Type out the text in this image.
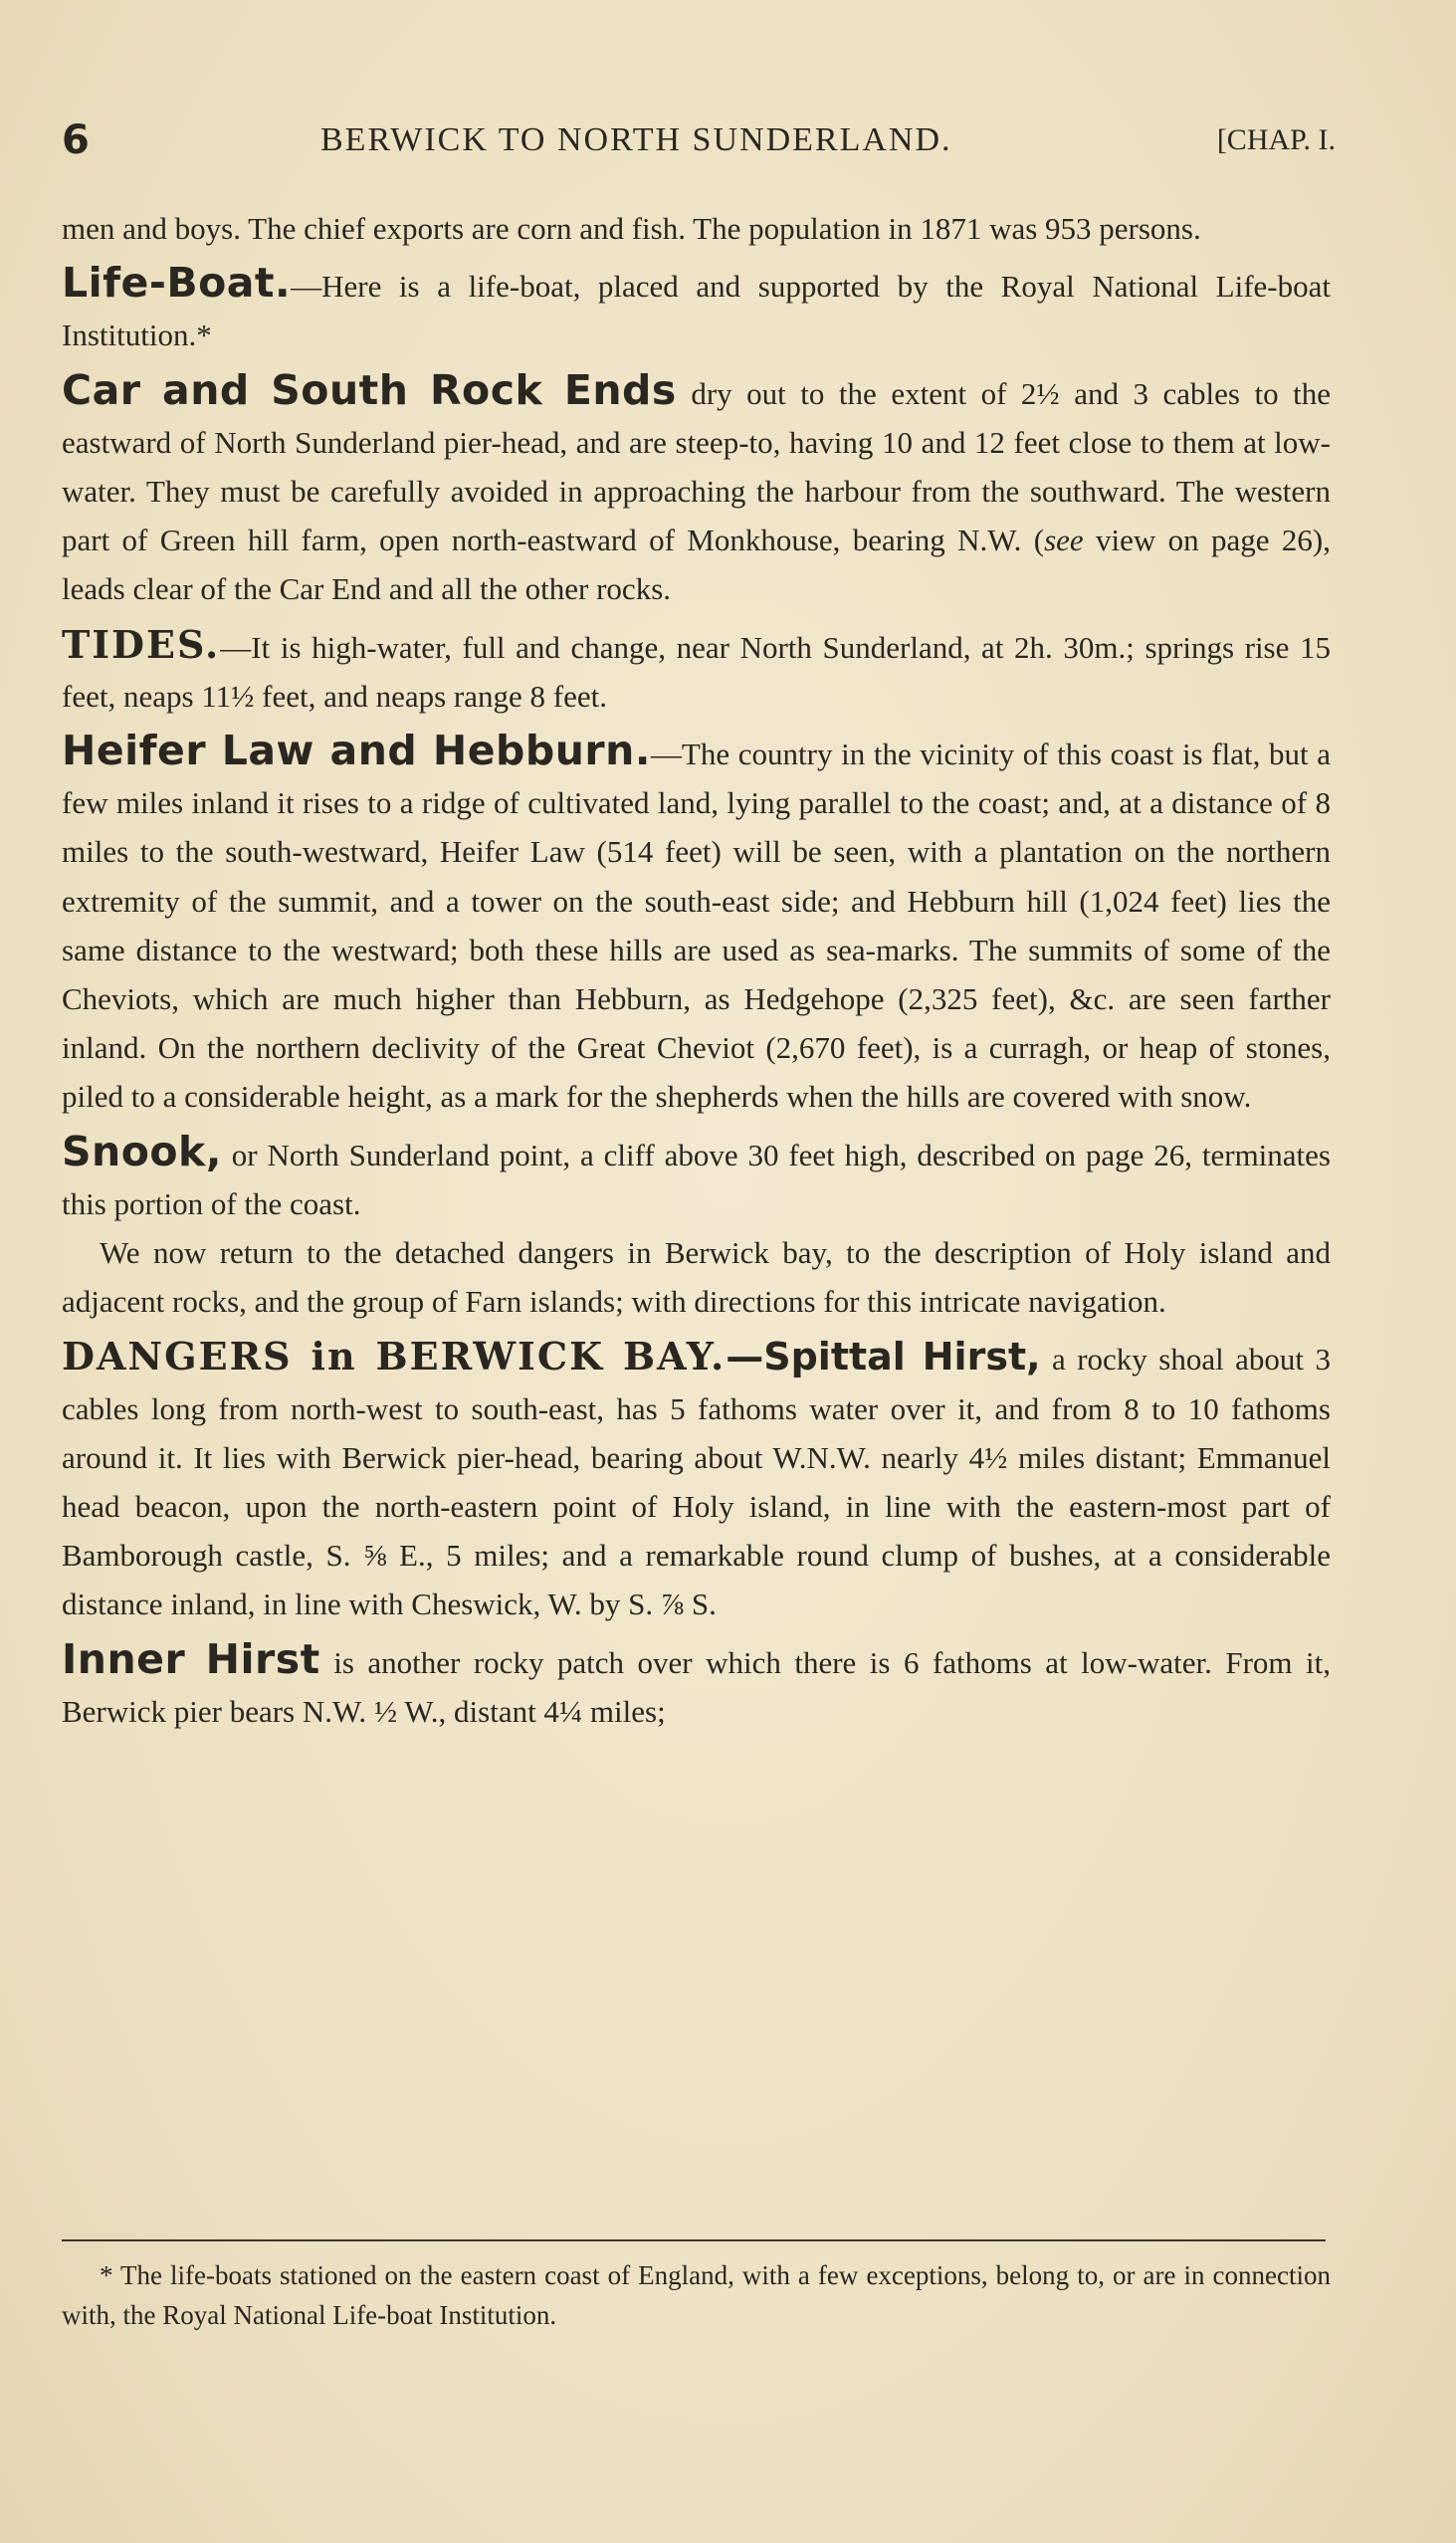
6	BERWICK TO NORTH SUNDERLAND.	[CHAP. I.

men and boys. The chief exports are corn and fish. The population in 1871 was 953 persons.

Life-Boat.—Here is a life-boat, placed and supported by the Royal National Life-boat Institution.*

Car and South Rock Ends dry out to the extent of 2½ and 3 cables to the eastward of North Sunderland pier-head, and are steep-to, having 10 and 12 feet close to them at low-water. They must be carefully avoided in approaching the harbour from the southward. The western part of Green hill farm, open north-eastward of Monkhouse, bearing N.W. (see view on page 26), leads clear of the Car End and all the other rocks.

TIDES.—It is high-water, full and change, near North Sunderland, at 2h. 30m.; springs rise 15 feet, neaps 11½ feet, and neaps range 8 feet.

Heifer Law and Hebburn.—The country in the vicinity of this coast is flat, but a few miles inland it rises to a ridge of cultivated land, lying parallel to the coast; and, at a distance of 8 miles to the south-westward, Heifer Law (514 feet) will be seen, with a plantation on the northern extremity of the summit, and a tower on the south-east side; and Hebburn hill (1,024 feet) lies the same distance to the westward; both these hills are used as sea-marks. The summits of some of the Cheviots, which are much higher than Hebburn, as Hedgehope (2,325 feet), &c. are seen farther inland. On the northern declivity of the Great Cheviot (2,670 feet), is a curragh, or heap of stones, piled to a considerable height, as a mark for the shepherds when the hills are covered with snow.

Snook, or North Sunderland point, a cliff above 30 feet high, described on page 26, terminates this portion of the coast.

We now return to the detached dangers in Berwick bay, to the description of Holy island and adjacent rocks, and the group of Farn islands; with directions for this intricate navigation.

DANGERS in BERWICK BAY.—Spittal Hirst, a rocky shoal about 3 cables long from north-west to south-east, has 5 fathoms water over it, and from 8 to 10 fathoms around it. It lies with Berwick pier-head, bearing about W.N.W. nearly 4½ miles distant; Emmanuel head beacon, upon the north-eastern point of Holy island, in line with the eastern-most part of Bamborough castle, S. ⅝ E., 5 miles; and a remarkable round clump of bushes, at a considerable distance inland, in line with Cheswick, W. by S. ⅞ S.

Inner Hirst is another rocky patch over which there is 6 fathoms at low-water. From it, Berwick pier bears N.W. ½ W., distant 4¼ miles;

* The life-boats stationed on the eastern coast of England, with a few exceptions, belong to, or are in connection with, the Royal National Life-boat Institution.
